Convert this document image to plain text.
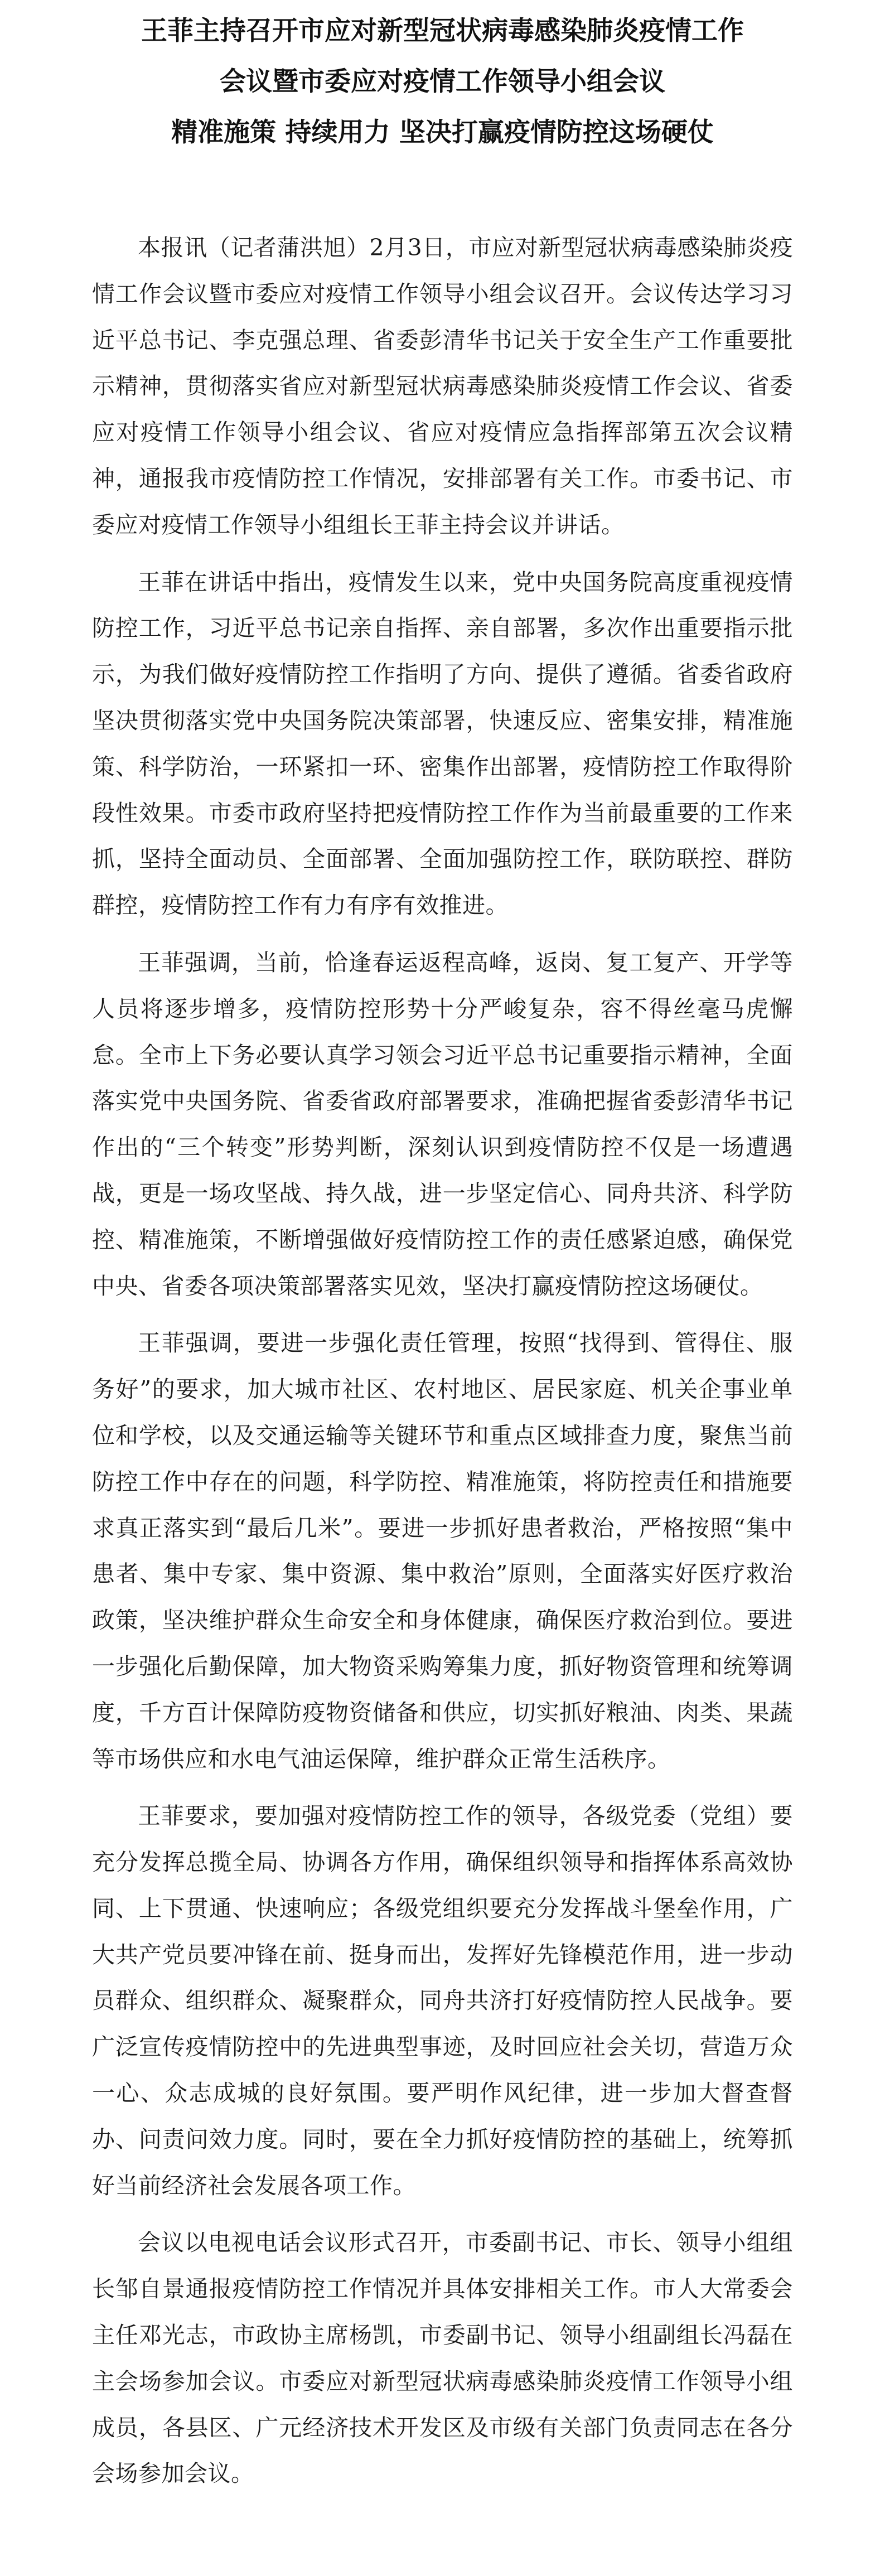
王菲主持召开市应对新型冠状病毒感染肺炎疫情工作
会议暨市委应对疫情工作领导小组会议
精准施策 持续用力 坚决打赢疫情防控这场硬仗

本报讯（记者蒲洪旭）2月3日，市应对新型冠状病毒感染肺炎疫情工作会议暨市委应对疫情工作领导小组会议召开。会议传达学习习近平总书记、李克强总理、省委彭清华书记关于安全生产工作重要批示精神，贯彻落实省应对新型冠状病毒感染肺炎疫情工作会议、省委应对疫情工作领导小组会议、省应对疫情应急指挥部第五次会议精神，通报我市疫情防控工作情况，安排部署有关工作。市委书记、市委应对疫情工作领导小组组长王菲主持会议并讲话。

王菲在讲话中指出，疫情发生以来，党中央国务院高度重视疫情防控工作，习近平总书记亲自指挥、亲自部署，多次作出重要指示批示，为我们做好疫情防控工作指明了方向、提供了遵循。省委省政府坚决贯彻落实党中央国务院决策部署，快速反应、密集安排，精准施策、科学防治，一环紧扣一环、密集作出部署，疫情防控工作取得阶段性效果。市委市政府坚持把疫情防控工作作为当前最重要的工作来抓，坚持全面动员、全面部署、全面加强防控工作，联防联控、群防群控，疫情防控工作有力有序有效推进。

王菲强调，当前，恰逢春运返程高峰，返岗、复工复产、开学等人员将逐步增多，疫情防控形势十分严峻复杂，容不得丝毫马虎懈怠。全市上下务必要认真学习领会习近平总书记重要指示精神，全面落实党中央国务院、省委省政府部署要求，准确把握省委彭清华书记作出的“三个转变”形势判断，深刻认识到疫情防控不仅是一场遭遇战，更是一场攻坚战、持久战，进一步坚定信心、同舟共济、科学防控、精准施策，不断增强做好疫情防控工作的责任感紧迫感，确保党中央、省委各项决策部署落实见效，坚决打赢疫情防控这场硬仗。

王菲强调，要进一步强化责任管理，按照“找得到、管得住、服务好”的要求，加大城市社区、农村地区、居民家庭、机关企事业单位和学校，以及交通运输等关键环节和重点区域排查力度，聚焦当前防控工作中存在的问题，科学防控、精准施策，将防控责任和措施要求真正落实到“最后几米”。要进一步抓好患者救治，严格按照“集中患者、集中专家、集中资源、集中救治”原则，全面落实好医疗救治政策，坚决维护群众生命安全和身体健康，确保医疗救治到位。要进一步强化后勤保障，加大物资采购筹集力度，抓好物资管理和统筹调度，千方百计保障防疫物资储备和供应，切实抓好粮油、肉类、果蔬等市场供应和水电气油运保障，维护群众正常生活秩序。

王菲要求，要加强对疫情防控工作的领导，各级党委（党组）要充分发挥总揽全局、协调各方作用，确保组织领导和指挥体系高效协同、上下贯通、快速响应；各级党组织要充分发挥战斗堡垒作用，广大共产党员要冲锋在前、挺身而出，发挥好先锋模范作用，进一步动员群众、组织群众、凝聚群众，同舟共济打好疫情防控人民战争。要广泛宣传疫情防控中的先进典型事迹，及时回应社会关切，营造万众一心、众志成城的良好氛围。要严明作风纪律，进一步加大督查督办、问责问效力度。同时，要在全力抓好疫情防控的基础上，统筹抓好当前经济社会发展各项工作。

会议以电视电话会议形式召开，市委副书记、市长、领导小组组长邹自景通报疫情防控工作情况并具体安排相关工作。市人大常委会主任邓光志，市政协主席杨凯，市委副书记、领导小组副组长冯磊在主会场参加会议。市委应对新型冠状病毒感染肺炎疫情工作领导小组成员，各县区、广元经济技术开发区及市级有关部门负责同志在各分会场参加会议。
